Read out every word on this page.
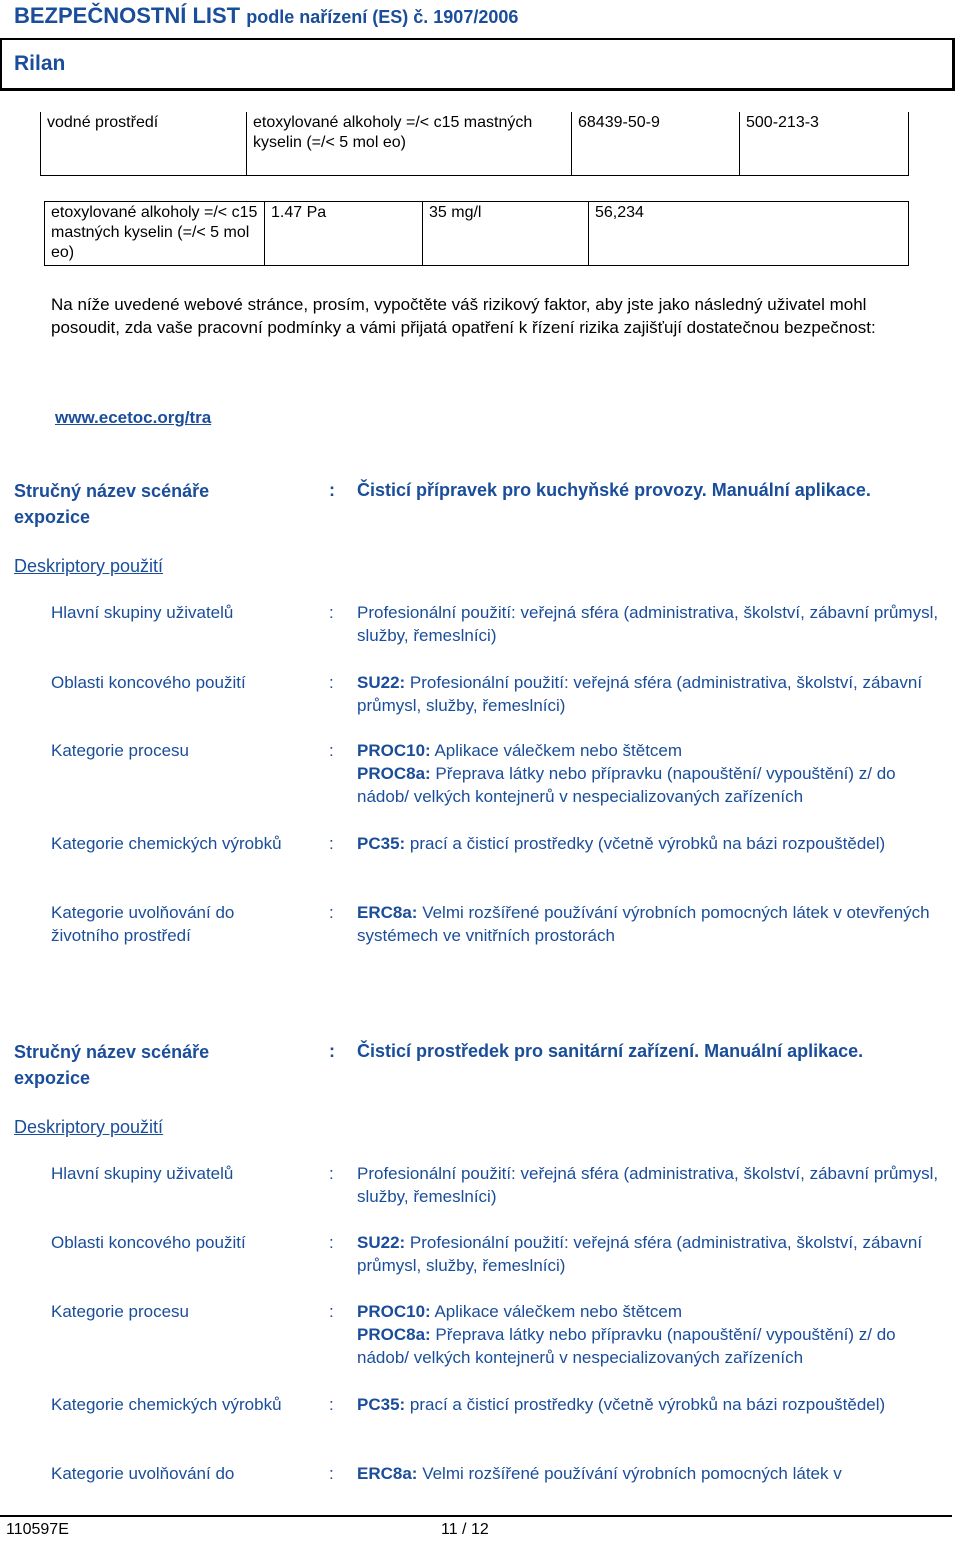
BEZPEČNOSTNÍ LIST podle nařízení (ES) č. 1907/2006
Rilan
vodné prostředí	etoxylované alkoholy =/< c15 mastných kyselin (=/< 5 mol eo)	68439-50-9	500-213-3
etoxylované alkoholy =/< c15 mastných kyselin (=/< 5 mol eo)	1.47 Pa	35 mg/l	56,234
Na níže uvedené webové stránce, prosím, vypočtěte váš rizikový faktor, aby jste jako následný uživatel mohl posoudit, zda vaše pracovní podmínky a vámi přijatá opatření k řízení rizika zajišťují dostatečnou bezpečnost:
www.ecetoc.org/tra
Stručný název scénáře expozice
: Čisticí přípravek pro kuchyňské provozy. Manuální aplikace.
Deskriptory použití
Hlavní skupiny uživatelů	: Profesionální použití: veřejná sféra (administrativa, školství, zábavní průmysl, služby, řemeslníci)
Oblasti koncového použití	: SU22: Profesionální použití: veřejná sféra (administrativa, školství, zábavní průmysl, služby, řemeslníci)
Kategorie procesu	: PROC10: Aplikace válečkem nebo štětcem
PROC8a: Přeprava látky nebo přípravku (napouštění/ vypouštění) z/ do nádob/ velkých kontejnerů v nespecializovaných zařízeních
Kategorie chemických výrobků	: PC35: prací a čisticí prostředky (včetně výrobků na bázi rozpouštědel)
Kategorie uvolňování do životního prostředí
: ERC8a: Velmi rozšířené používání výrobních pomocných látek v otevřených systémech ve vnitřních prostorách
Stručný název scénáře expozice
: Čisticí prostředek pro sanitární zařízení. Manuální aplikace.
Deskriptory použití
Hlavní skupiny uživatelů	: Profesionální použití: veřejná sféra (administrativa, školství, zábavní průmysl, služby, řemeslníci)
Oblasti koncového použití	: SU22: Profesionální použití: veřejná sféra (administrativa, školství, zábavní průmysl, služby, řemeslníci)
Kategorie procesu	: PROC10: Aplikace válečkem nebo štětcem
PROC8a: Přeprava látky nebo přípravku (napouštění/ vypouštění) z/ do nádob/ velkých kontejnerů v nespecializovaných zařízeních
Kategorie chemických výrobků	: PC35: prací a čisticí prostředky (včetně výrobků na bázi rozpouštědel)
Kategorie uvolňování do	: ERC8a: Velmi rozšířené používání výrobních pomocných látek v
110597E	11 / 12
